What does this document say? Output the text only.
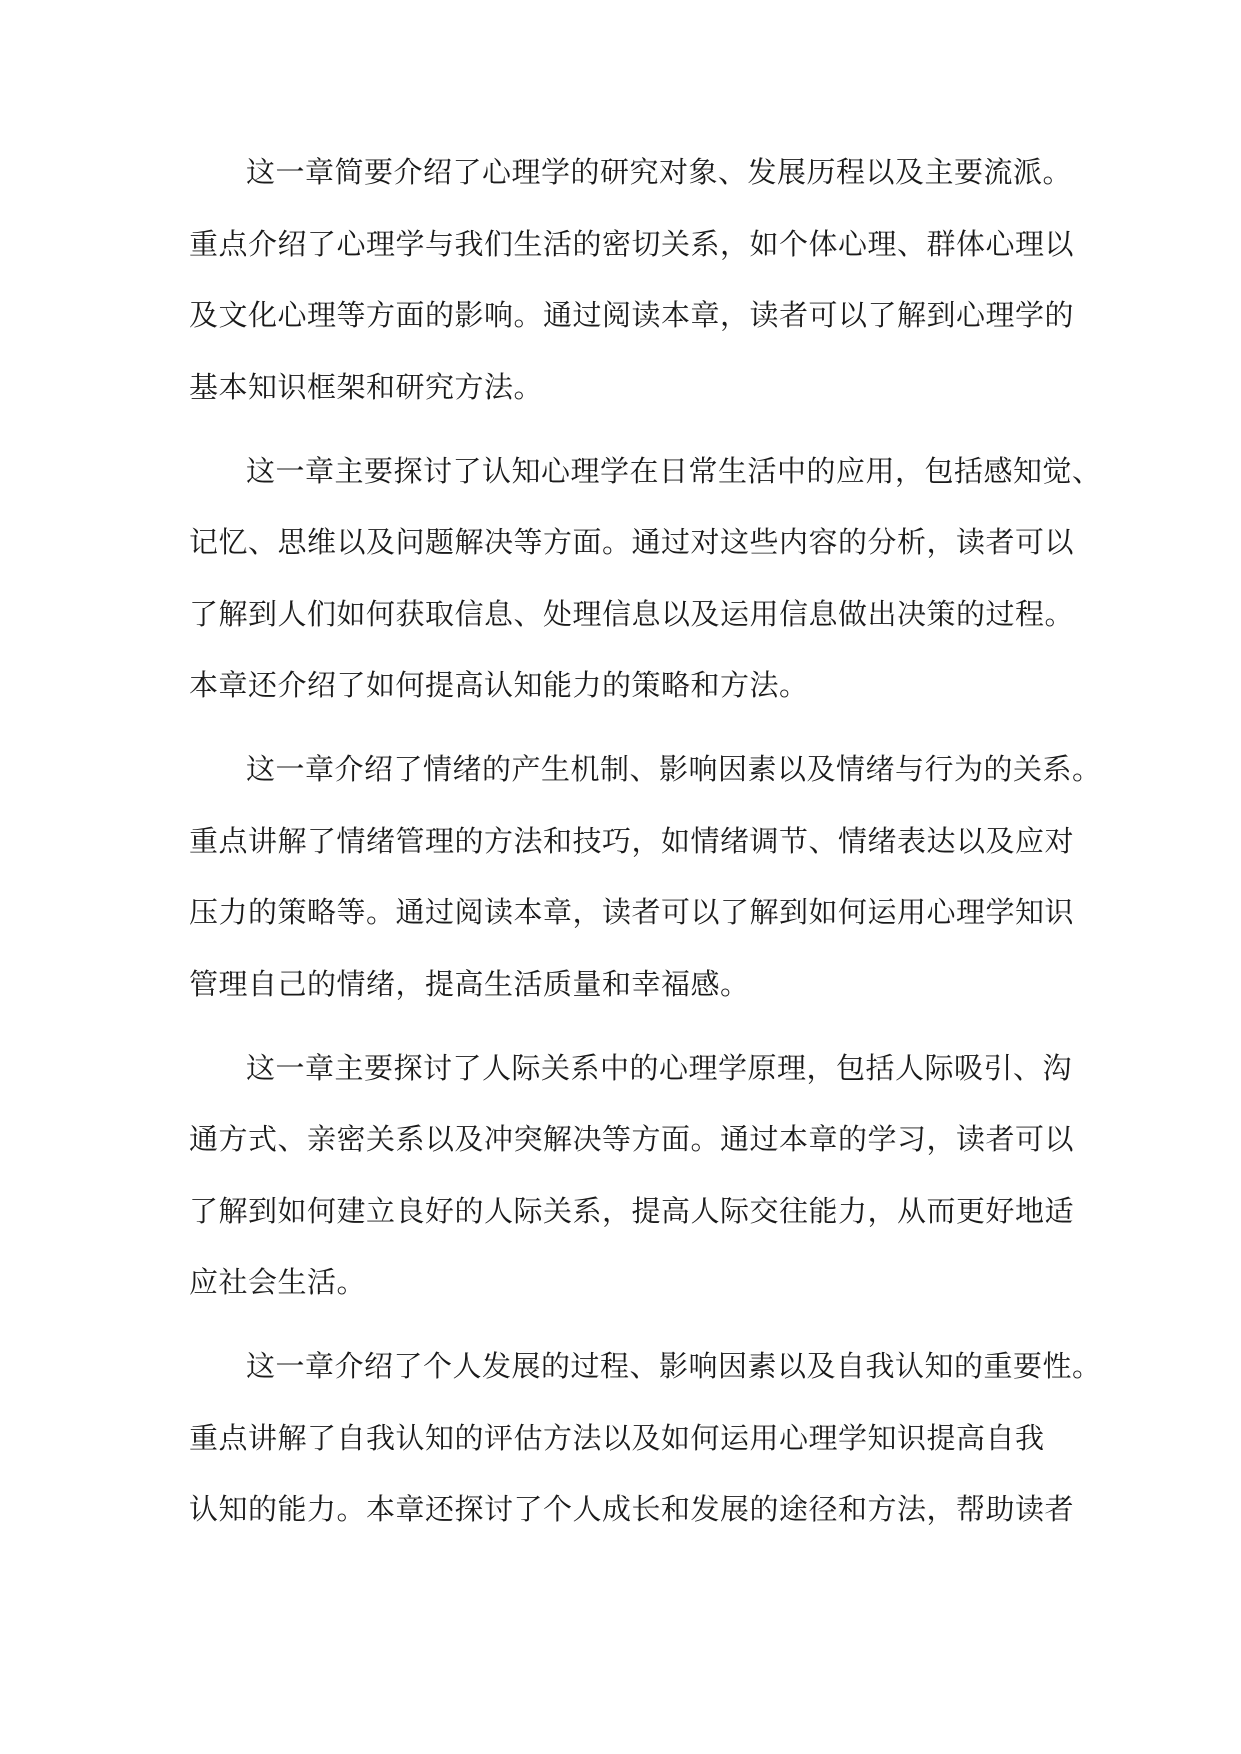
这一章简要介绍了心理学的研究对象、发展历程以及主要流派。
重点介绍了心理学与我们生活的密切关系，如个体心理、群体心理以
及文化心理等方面的影响。通过阅读本章，读者可以了解到心理学的
基本知识框架和研究方法。
这一章主要探讨了认知心理学在日常生活中的应用，包括感知觉、
记忆、思维以及问题解决等方面。通过对这些内容的分析，读者可以
了解到人们如何获取信息、处理信息以及运用信息做出决策的过程。
本章还介绍了如何提高认知能力的策略和方法。
这一章介绍了情绪的产生机制、影响因素以及情绪与行为的关系。
重点讲解了情绪管理的方法和技巧，如情绪调节、情绪表达以及应对
压力的策略等。通过阅读本章，读者可以了解到如何运用心理学知识
管理自己的情绪，提高生活质量和幸福感。
这一章主要探讨了人际关系中的心理学原理，包括人际吸引、沟
通方式、亲密关系以及冲突解决等方面。通过本章的学习，读者可以
了解到如何建立良好的人际关系，提高人际交往能力，从而更好地适
应社会生活。
这一章介绍了个人发展的过程、影响因素以及自我认知的重要性。
重点讲解了自我认知的评估方法以及如何运用心理学知识提高自我
认知的能力。本章还探讨了个人成长和发展的途径和方法，帮助读者
